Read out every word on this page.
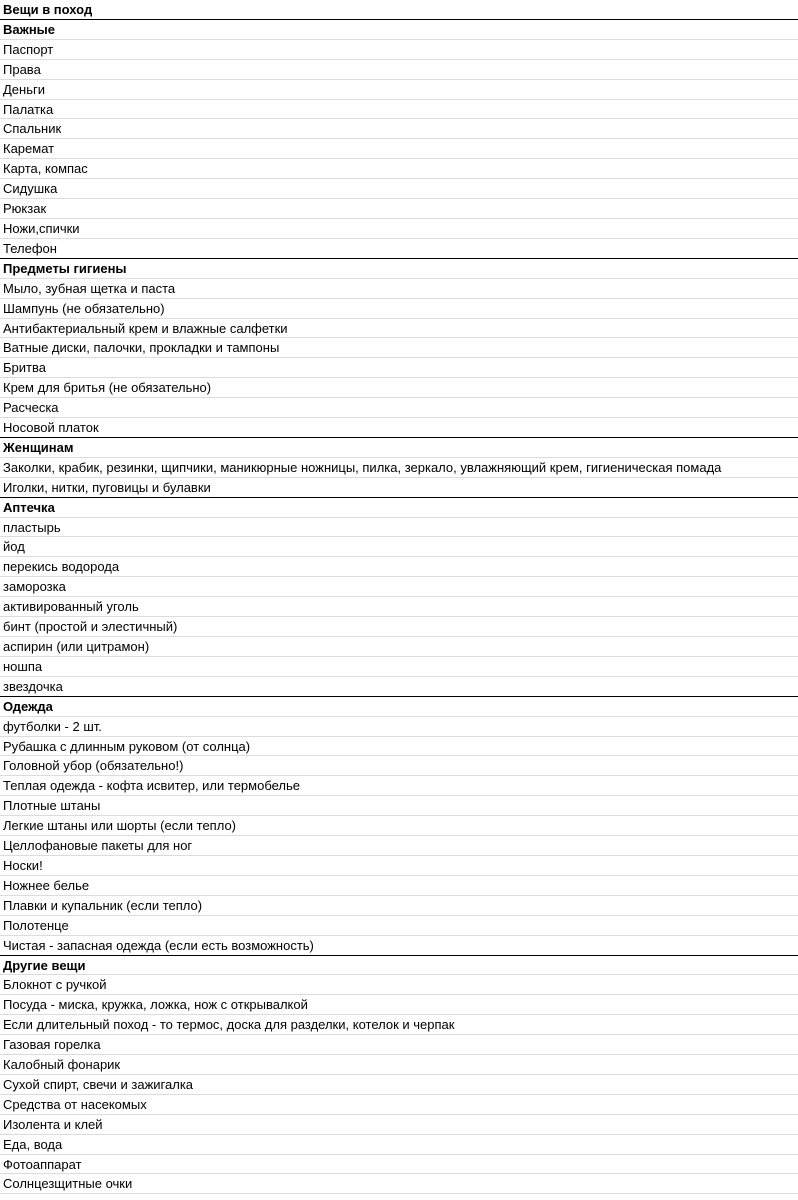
Вещи в поход
Важные
Паспорт
Права
Деньги
Палатка
Спальник
Каремат
Карта, компас
Сидушка
Рюкзак
Ножи,спички
Телефон
Предметы гигиены
Мыло, зубная щетка и паста
Шампунь (не обязательно)
Антибактериальный крем и влажные салфетки
Ватные диски, палочки, прокладки и тампоны
Бритва
Крем для бритья (не обязательно)
Расческа
Носовой платок
Женщинам
Заколки, крабик, резинки, щипчики, маникюрные ножницы, пилка, зеркало, увлажняющий крем, гигиеническая помада
Иголки, нитки, пуговицы и булавки
Аптечка
пластырь
йод
перекись водорода
заморозка
активированный уголь
бинт (простой и элестичный)
аспирин (или цитрамон)
ношпа
звездочка
Одежда
футболки - 2 шт.
Рубашка с длинным руковом (от солнца)
Головной убор (обязательно!)
Теплая одежда - кофта исвитер, или термобелье
Плотные штаны
Легкие штаны или шорты (если тепло)
Целлофановые пакеты для ног
Носки!
Ножнее белье
Плавки и купальник (если тепло)
Полотенце
Чистая - запасная одежда (если есть возможность)
Другие вещи
Блокнот с ручкой
Посуда - миска, кружка, ложка, нож с открывалкой
Если длительный поход - то термос, доска для разделки, котелок и черпак
Газовая горелка
Калобный фонарик
Сухой спирт, свечи и зажигалка
Средства от насекомых
Изолента и клей
Еда, вода
Фотоаппарат
Солнцезщитные очки
